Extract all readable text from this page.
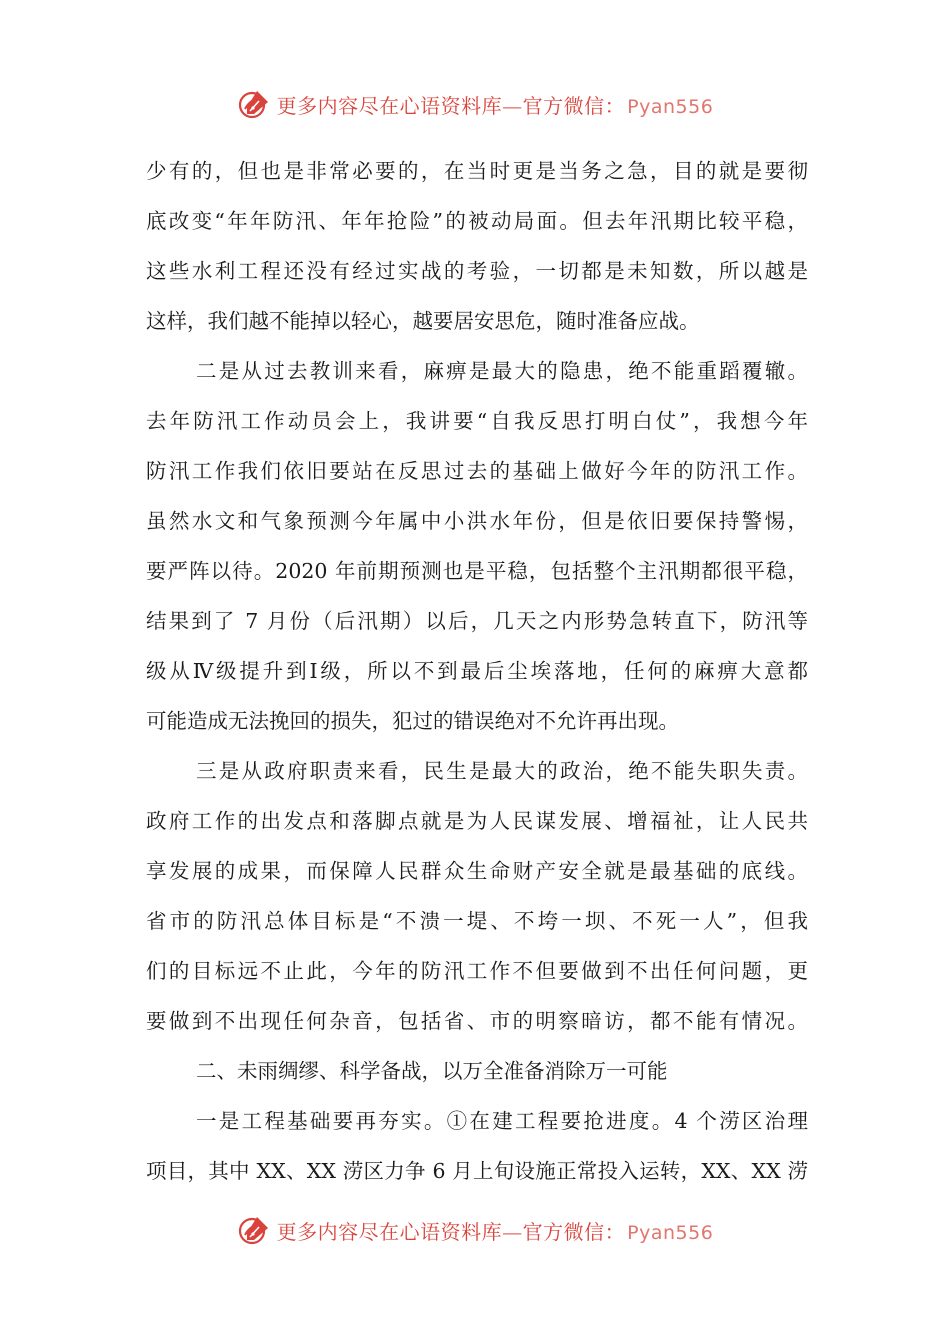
更多内容尽在心语资料库—官方微信： Pyan556
少有的，但也是非常必要的，在当时更是当务之急，目的就是要彻
底改变“年年防汛、年年抢险”的被动局面。但去年汛期比较平稳，
这些水利工程还没有经过实战的考验，一切都是未知数，所以越是
这样，我们越不能掉以轻心，越要居安思危，随时准备应战。
二是从过去教训来看，麻痹是最大的隐患，绝不能重蹈覆辙。
去年防汛工作动员会上，我讲要“自我反思打明白仗”，我想今年
防汛工作我们依旧要站在反思过去的基础上做好今年的防汛工作。
虽然水文和气象预测今年属中小洪水年份，但是依旧要保持警惕，
要严阵以待。2020 年前期预测也是平稳，包括整个主汛期都很平稳，
结果到了 7 月份（后汛期）以后，几天之内形势急转直下，防汛等
级从Ⅳ级提升到Ⅰ级，所以不到最后尘埃落地，任何的麻痹大意都
可能造成无法挽回的损失，犯过的错误绝对不允许再出现。
三是从政府职责来看，民生是最大的政治，绝不能失职失责。
政府工作的出发点和落脚点就是为人民谋发展、增福祉，让人民共
享发展的成果，而保障人民群众生命财产安全就是最基础的底线。
省市的防汛总体目标是“不溃一堤、不垮一坝、不死一人”，但我
们的目标远不止此，今年的防汛工作不但要做到不出任何问题，更
要做到不出现任何杂音，包括省、市的明察暗访，都不能有情况。
二、未雨绸缪、科学备战，以万全准备消除万一可能
一是工程基础要再夯实。①在建工程要抢进度。4 个涝区治理
项目，其中 XX、XX 涝区力争 6 月上旬设施正常投入运转，XX、XX 涝
更多内容尽在心语资料库—官方微信： Pyan556
